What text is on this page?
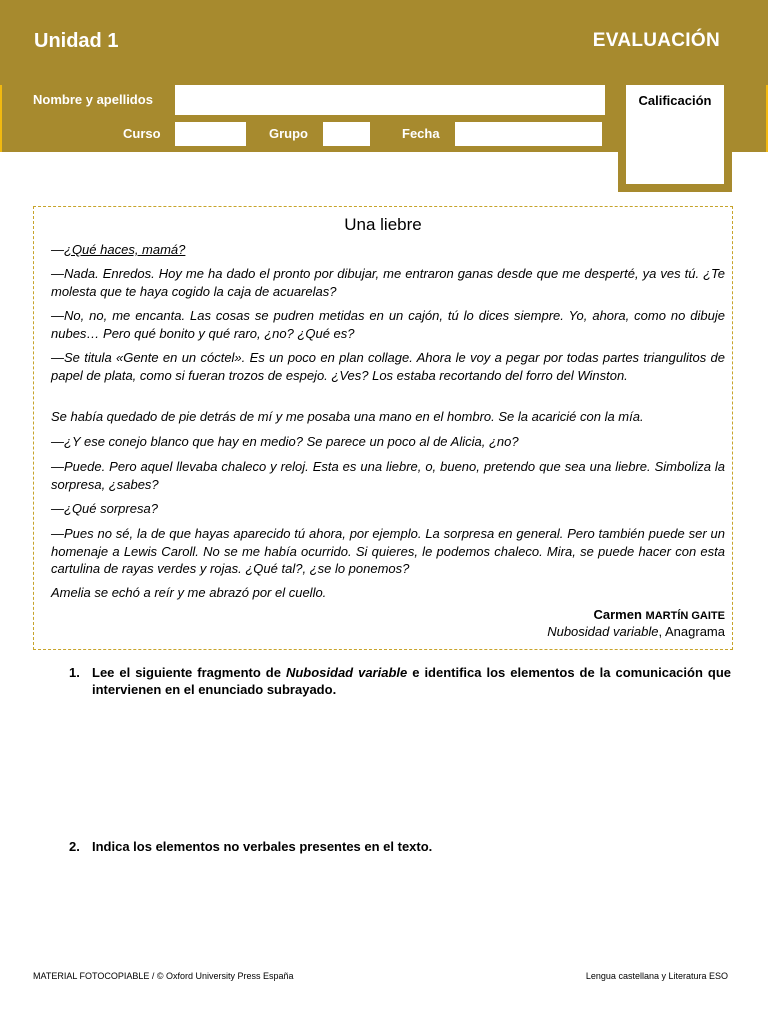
Unidad 1	EVALUACIÓN
Nombre y apellidos
Curso	Grupo	Fecha
Calificación
Una liebre
—¿Qué haces, mamá?
—Nada. Enredos. Hoy me ha dado el pronto por dibujar, me entraron ganas desde que me desperté, ya ves tú. ¿Te molesta que te haya cogido la caja de acuarelas?
—No, no, me encanta. Las cosas se pudren metidas en un cajón, tú lo dices siempre. Yo, ahora, como no dibuje nubes… Pero qué bonito y qué raro, ¿no? ¿Qué es?
—Se titula «Gente en un cóctel». Es un poco en plan collage. Ahora le voy a pegar por todas partes triangulitos de papel de plata, como si fueran trozos de espejo. ¿Ves? Los estaba recortando del forro del Winston.
Se había quedado de pie detrás de mí y me posaba una mano en el hombro. Se la acaricié con la mía.
—¿Y ese conejo blanco que hay en medio? Se parece un poco al de Alicia, ¿no?
—Puede. Pero aquel llevaba chaleco y reloj. Esta es una liebre, o, bueno, pretendo que sea una liebre. Simboliza la sorpresa, ¿sabes?
—¿Qué sorpresa?
—Pues no sé, la de que hayas aparecido tú ahora, por ejemplo. La sorpresa en general. Pero también puede ser un homenaje a Lewis Caroll. No se me había ocurrido. Si quieres, le podemos chaleco. Mira, se puede hacer con esta cartulina de rayas verdes y rojas. ¿Qué tal?, ¿se lo ponemos?
Amelia se echó a reír y me abrazó por el cuello.
Carmen MARTÍN GAITE
Nubosidad variable, Anagrama
1. Lee el siguiente fragmento de Nubosidad variable e identifica los elementos de la comunicación que intervienen en el enunciado subrayado.
2. Indica los elementos no verbales presentes en el texto.
MATERIAL FOTOCOPIABLE / © Oxford University Press España	Lengua castellana y Literatura ESO
